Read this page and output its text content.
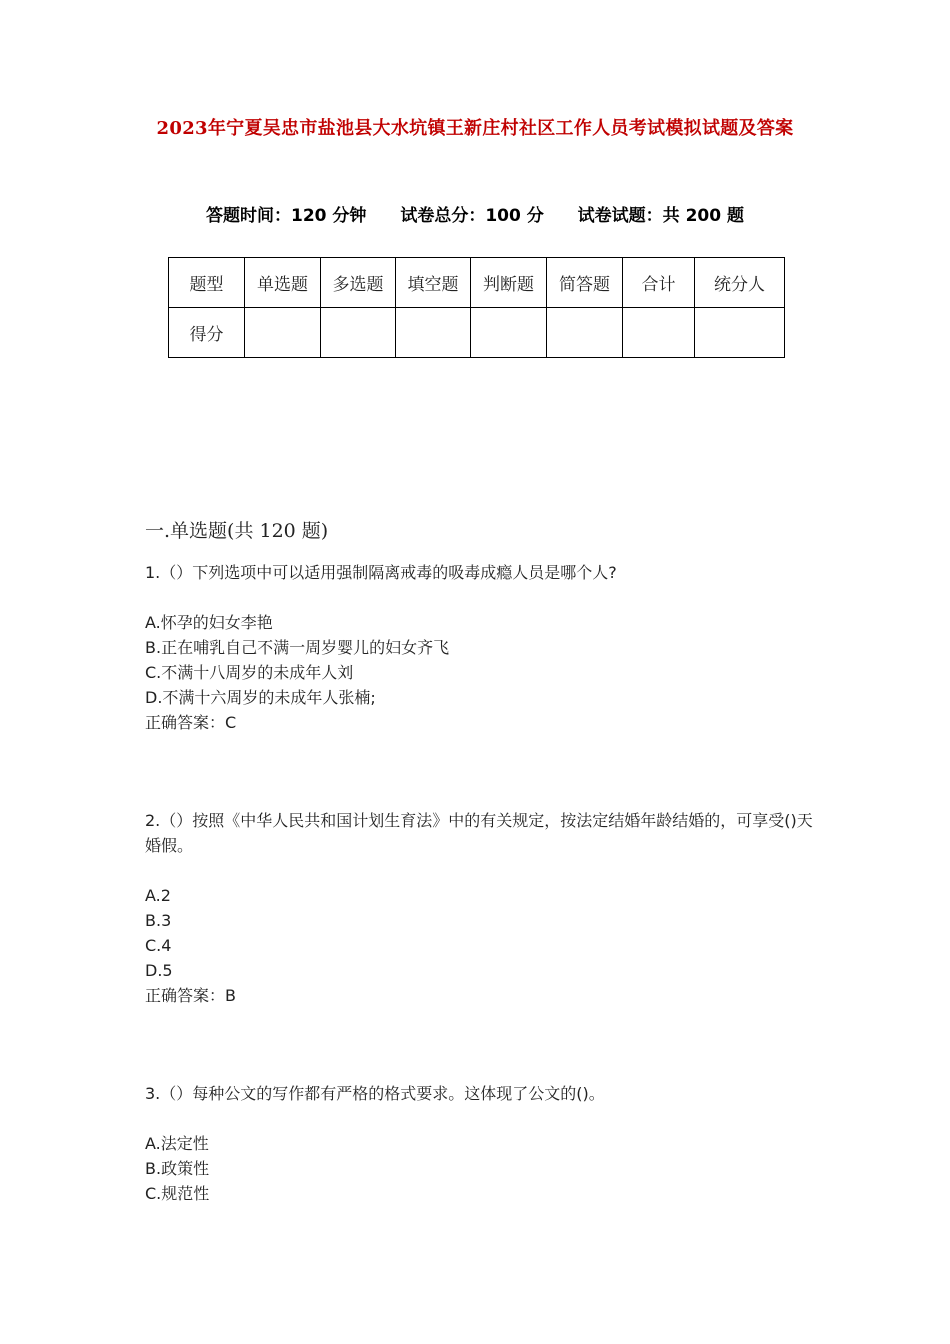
2023年宁夏吴忠市盐池县大水坑镇王新庄村社区工作人员考试模拟试题及答案
答题时间：120 分钟 试卷总分：100 分 试卷试题：共 200 题
题型	单选题	多选题	填空题	判断题	简答题	合计	统分人
得分							
一.单选题(共 120 题)

1.（）下列选项中可以适用强制隔离戒毒的吸毒成瘾人员是哪个人?

A.怀孕的妇女李艳

B.正在哺乳自己不满一周岁婴儿的妇女齐飞

C.不满十八周岁的未成年人刘

D.不满十六周岁的未成年人张楠;

正确答案：C

2.（）按照《中华人民共和国计划生育法》中的有关规定，按法定结婚年龄结婚的，可享受()天婚假。

A.2

B.3

C.4

D.5

正确答案：B

3.（）每种公文的写作都有严格的格式要求。这体现了公文的()。

A.法定性

B.政策性

C.规范性
